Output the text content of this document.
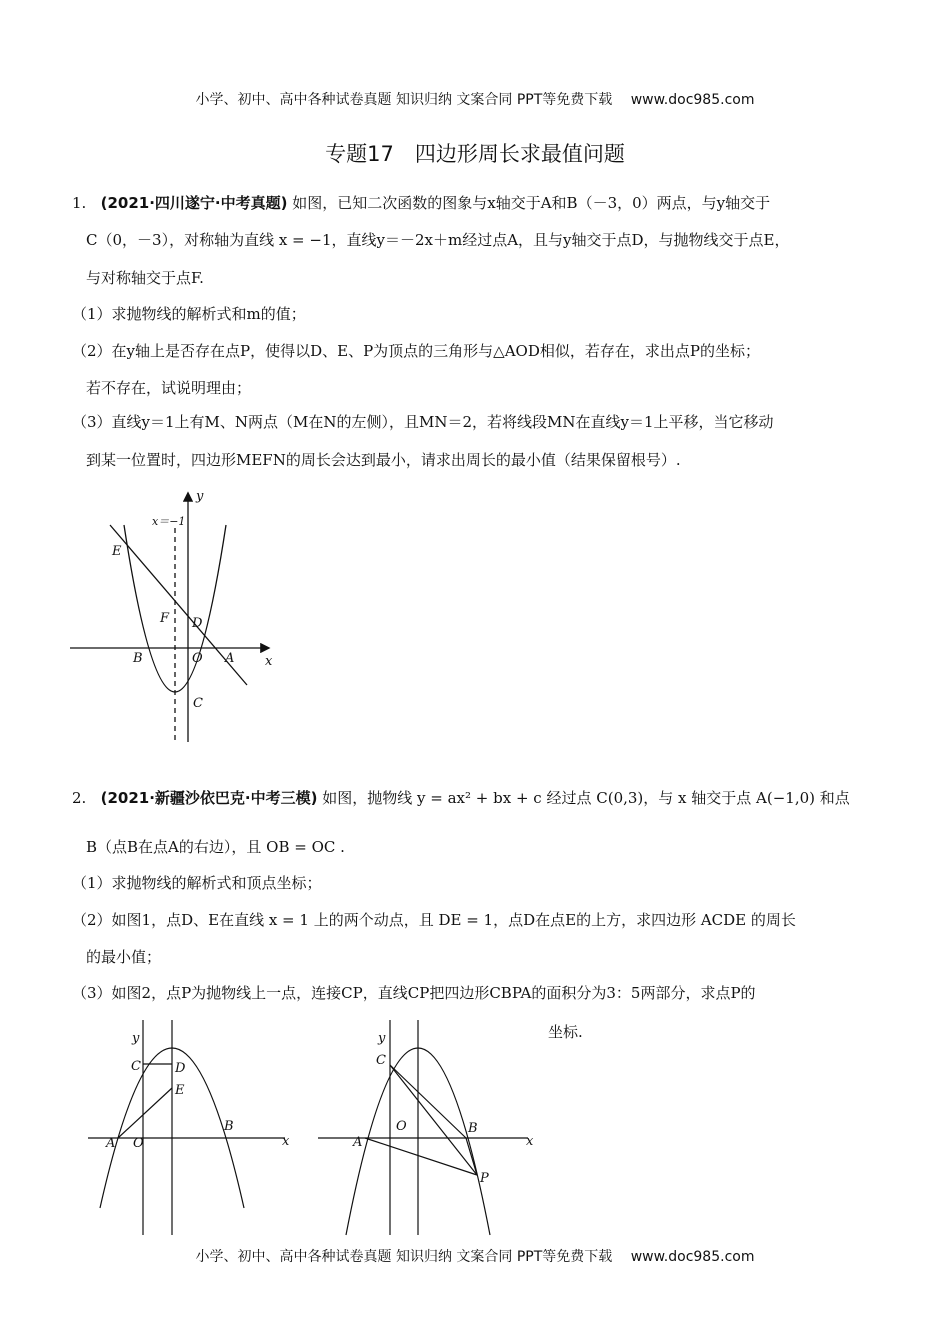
小学、初中、高中各种试卷真题 知识归纳 文案合同 PPT等免费下载　 www.doc985.com
专题17　四边形周长求最值问题
1. (2021·四川遂宁·中考真题) 如图，已知二次函数的图象与x轴交于A和B（－3，0）两点，与y轴交于
C（0，－3），对称轴为直线 x = −1，直线y＝－2x＋m经过点A，且与y轴交于点D，与抛物线交于点E，
与对称轴交于点F.
（1）求抛物线的解析式和m的值；
（2）在y轴上是否存在点P，使得以D、E、P为顶点的三角形与△AOD相似，若存在，求出点P的坐标；
若不存在，试说明理由；
（3）直线y＝1上有M、N两点（M在N的左侧），且MN＝2，若将线段MN在直线y＝1上平移，当它移动
到某一位置时，四边形MEFN的周长会达到最小，请求出周长的最小值（结果保留根号）.
2. (2021·新疆沙依巴克·中考三模) 如图，抛物线 y = ax² + bx + c 经过点 C(0,3)，与 x 轴交于点 A(−1,0) 和点
B（点B在点A的右边），且 OB = OC .
（1）求抛物线的解析式和顶点坐标；
（2）如图1，点D、E在直线 x = 1 上的两个动点，且 DE = 1，点D在点E的上方，求四边形 ACDE 的周长
的最小值；
（3）如图2，点P为抛物线上一点，连接CP，直线CP把四边形CBPA的面积分为3：5两部分，求点P的
坐标.
y
x
E
D
F
B	O A
C
x＝−1
y
C	D
E
A O
B
x
y
C
O
A
B
x
P
小学、初中、高中各种试卷真题 知识归纳 文案合同 PPT等免费下载　 www.doc985.com
